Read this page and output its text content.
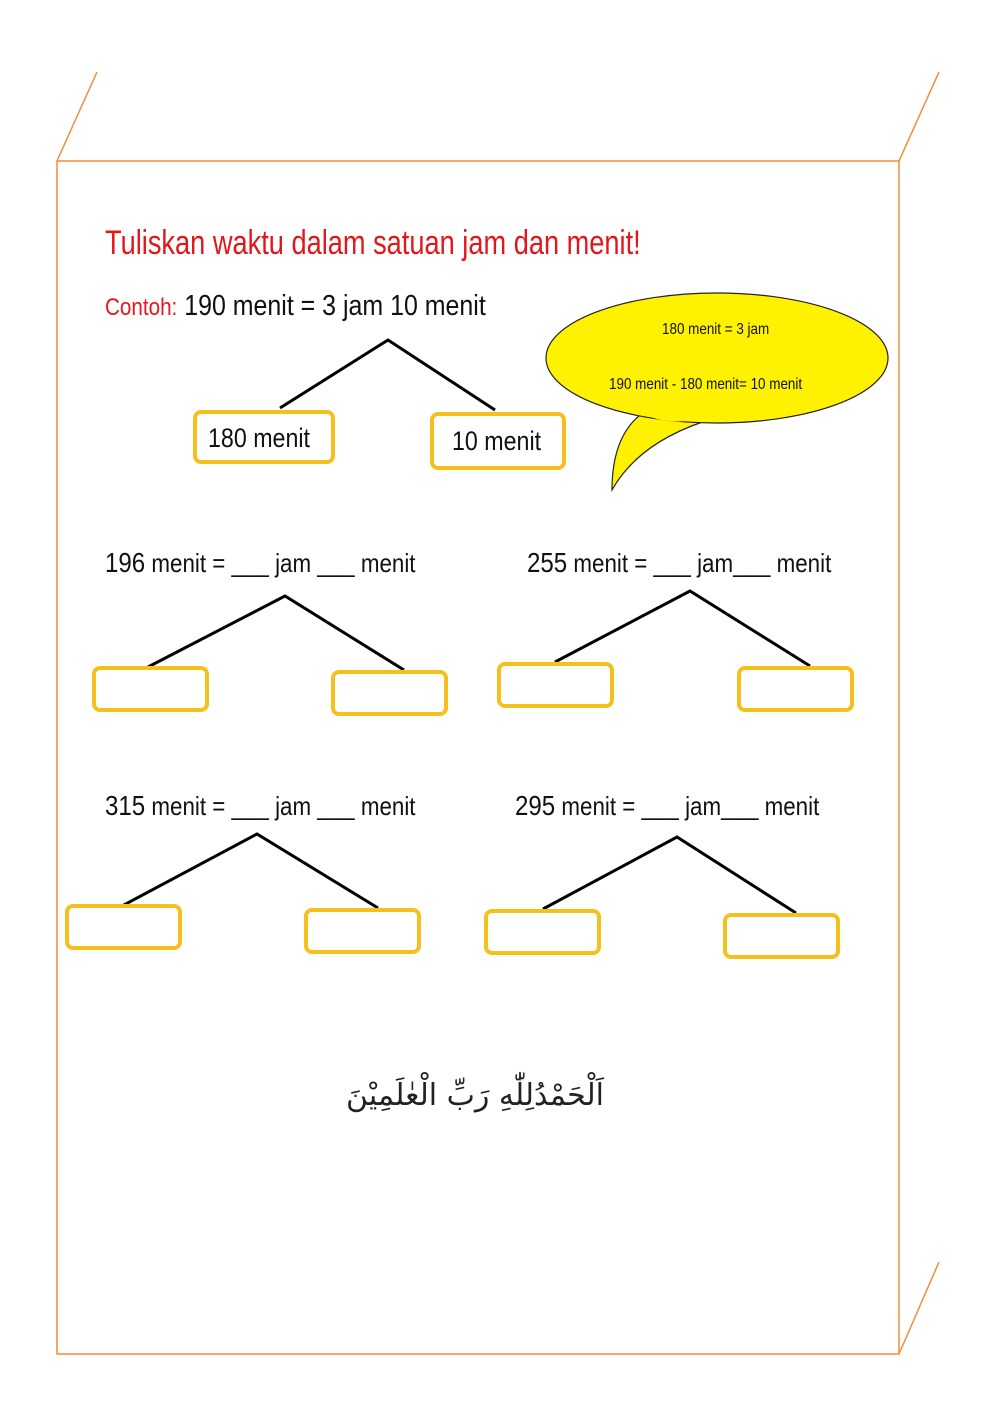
Tuliskan waktu dalam satuan jam dan menit!
Contoh: 190 menit = 3 jam 10 menit
180 menit	10 menit
180 menit = 3 jam
190 menit - 180 menit= 10 menit
196 menit = ___ jam ___ menit	255 menit = ___ jam___ menit
315 menit = ___ jam ___ menit	295 menit = ___ jam___ menit
اَلْحَمْدُلِلّٰهِ رَبِّ الْعٰلَمِيْنَ
